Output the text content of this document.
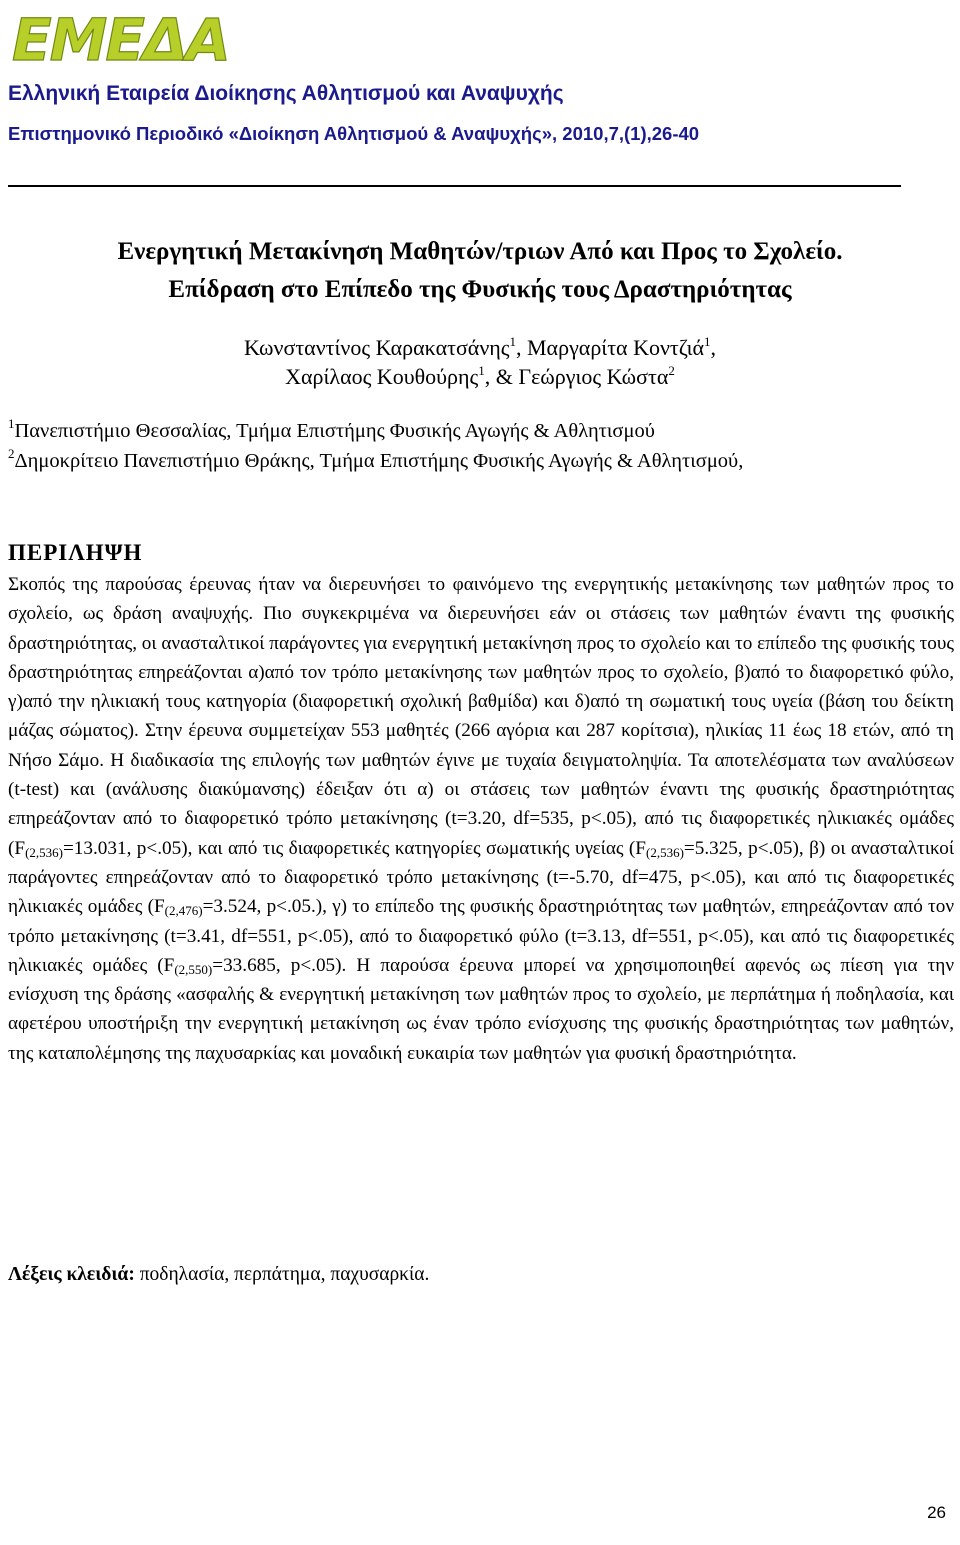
EMEΔA
Ελληνική Εταιρεία Διοίκησης Αθλητισμού και Αναψυχής
Επιστημονικό Περιοδικό «Διοίκηση Αθλητισμού & Αναψυχής», 2010,7,(1),26-40
Ενεργητική Μετακίνηση Μαθητών/τριων Από και Προς το Σχολείο.
Επίδραση στο Επίπεδο της Φυσικής τους Δραστηριότητας
Κωνσταντίνος Καρακατσάνης$^1$, Μαργαρίτα Κοντζιά$^1$,
Χαρίλαος Κουθούρης$^1$, & Γεώργιος Κώστα$^2$
$^1$Πανεπιστήμιο Θεσσαλίας, Τμήμα Επιστήμης Φυσικής Αγωγής & Αθλητισμού
$^2$Δημοκρίτειο Πανεπιστήμιο Θράκης, Τμήμα Επιστήμης Φυσικής Αγωγής & Αθλητισμού,
ΠΕΡΙΛΗΨΗ

Σκοπός της παρούσας έρευνας ήταν να διερευνήσει το φαινόμενο της ενεργητικής μετακίνησης των μαθητών προς το σχολείο, ως δράση αναψυχής. Πιο συγκεκριμένα να διερευνήσει εάν οι στάσεις των μαθητών έναντι της φυσικής δραστηριότητας, οι ανασταλτικοί παράγοντες για ενεργητική μετακίνηση προς το σχολείο και το επίπεδο της φυσικής τους δραστηριότητας επηρεάζονται α)από τον τρόπο μετακίνησης των μαθητών προς το σχολείο, β)από το διαφορετικό φύλο, γ)από την ηλικιακή τους κατηγορία (διαφορετική σχολική βαθμίδα) και δ)από τη σωματική τους υγεία (βάση του δείκτη μάζας σώματος). Στην έρευνα συμμετείχαν 553 μαθητές (266 αγόρια και 287 κορίτσια), ηλικίας 11 έως 18 ετών, από τη Νήσο Σάμο. Η διαδικασία της επιλογής των μαθητών έγινε με τυχαία δειγματοληψία. Τα αποτελέσματα των αναλύσεων (t-test) και (ανάλυσης διακύμανσης) έδειξαν ότι α) οι στάσεις των μαθητών έναντι της φυσικής δραστηριότητας επηρεάζονταν από το διαφορετικό τρόπο μετακίνησης (t=3.20, df=535, p<.05), από τις διαφορετικές ηλικιακές ομάδες ($F_{(2,536)}=13.031$, p<.05), και από τις διαφορετικές κατηγορίες σωματικής υγείας ($F_{(2,536)}=5.325$, p<.05), β) οι ανασταλτικοί παράγοντες επηρεάζονταν από το διαφορετικό τρόπο μετακίνησης (t=-5.70, df=475, p<.05), και από τις διαφορετικές ηλικιακές ομάδες ($F_{(2,476)}=3.524$, p<.05.), γ) το επίπεδο της φυσικής δραστηριότητας των μαθητών, επηρεάζονταν από τον τρόπο μετακίνησης (t=3.41, df=551, p<.05), από το διαφορετικό φύλο (t=3.13, df=551, p<.05), και από τις διαφορετικές ηλικιακές ομάδες ($F_{(2,550)}=33.685$, p<.05). Η παρούσα έρευνα μπορεί να χρησιμοποιηθεί αφενός ως πίεση για την ενίσχυση της δράσης «ασφαλής & ενεργητική μετακίνηση των μαθητών προς το σχολείο, με περπάτημα ή ποδηλασία, και αφετέρου υποστήριξη την ενεργητική μετακίνηση ως έναν τρόπο ενίσχυσης της φυσικής δραστηριότητας των μαθητών, της καταπολέμησης της παχυσαρκίας και μοναδική ευκαιρία των μαθητών για φυσική δραστηριότητα.

Λέξεις κλειδιά: ποδηλασία, περπάτημα, παχυσαρκία.
26
